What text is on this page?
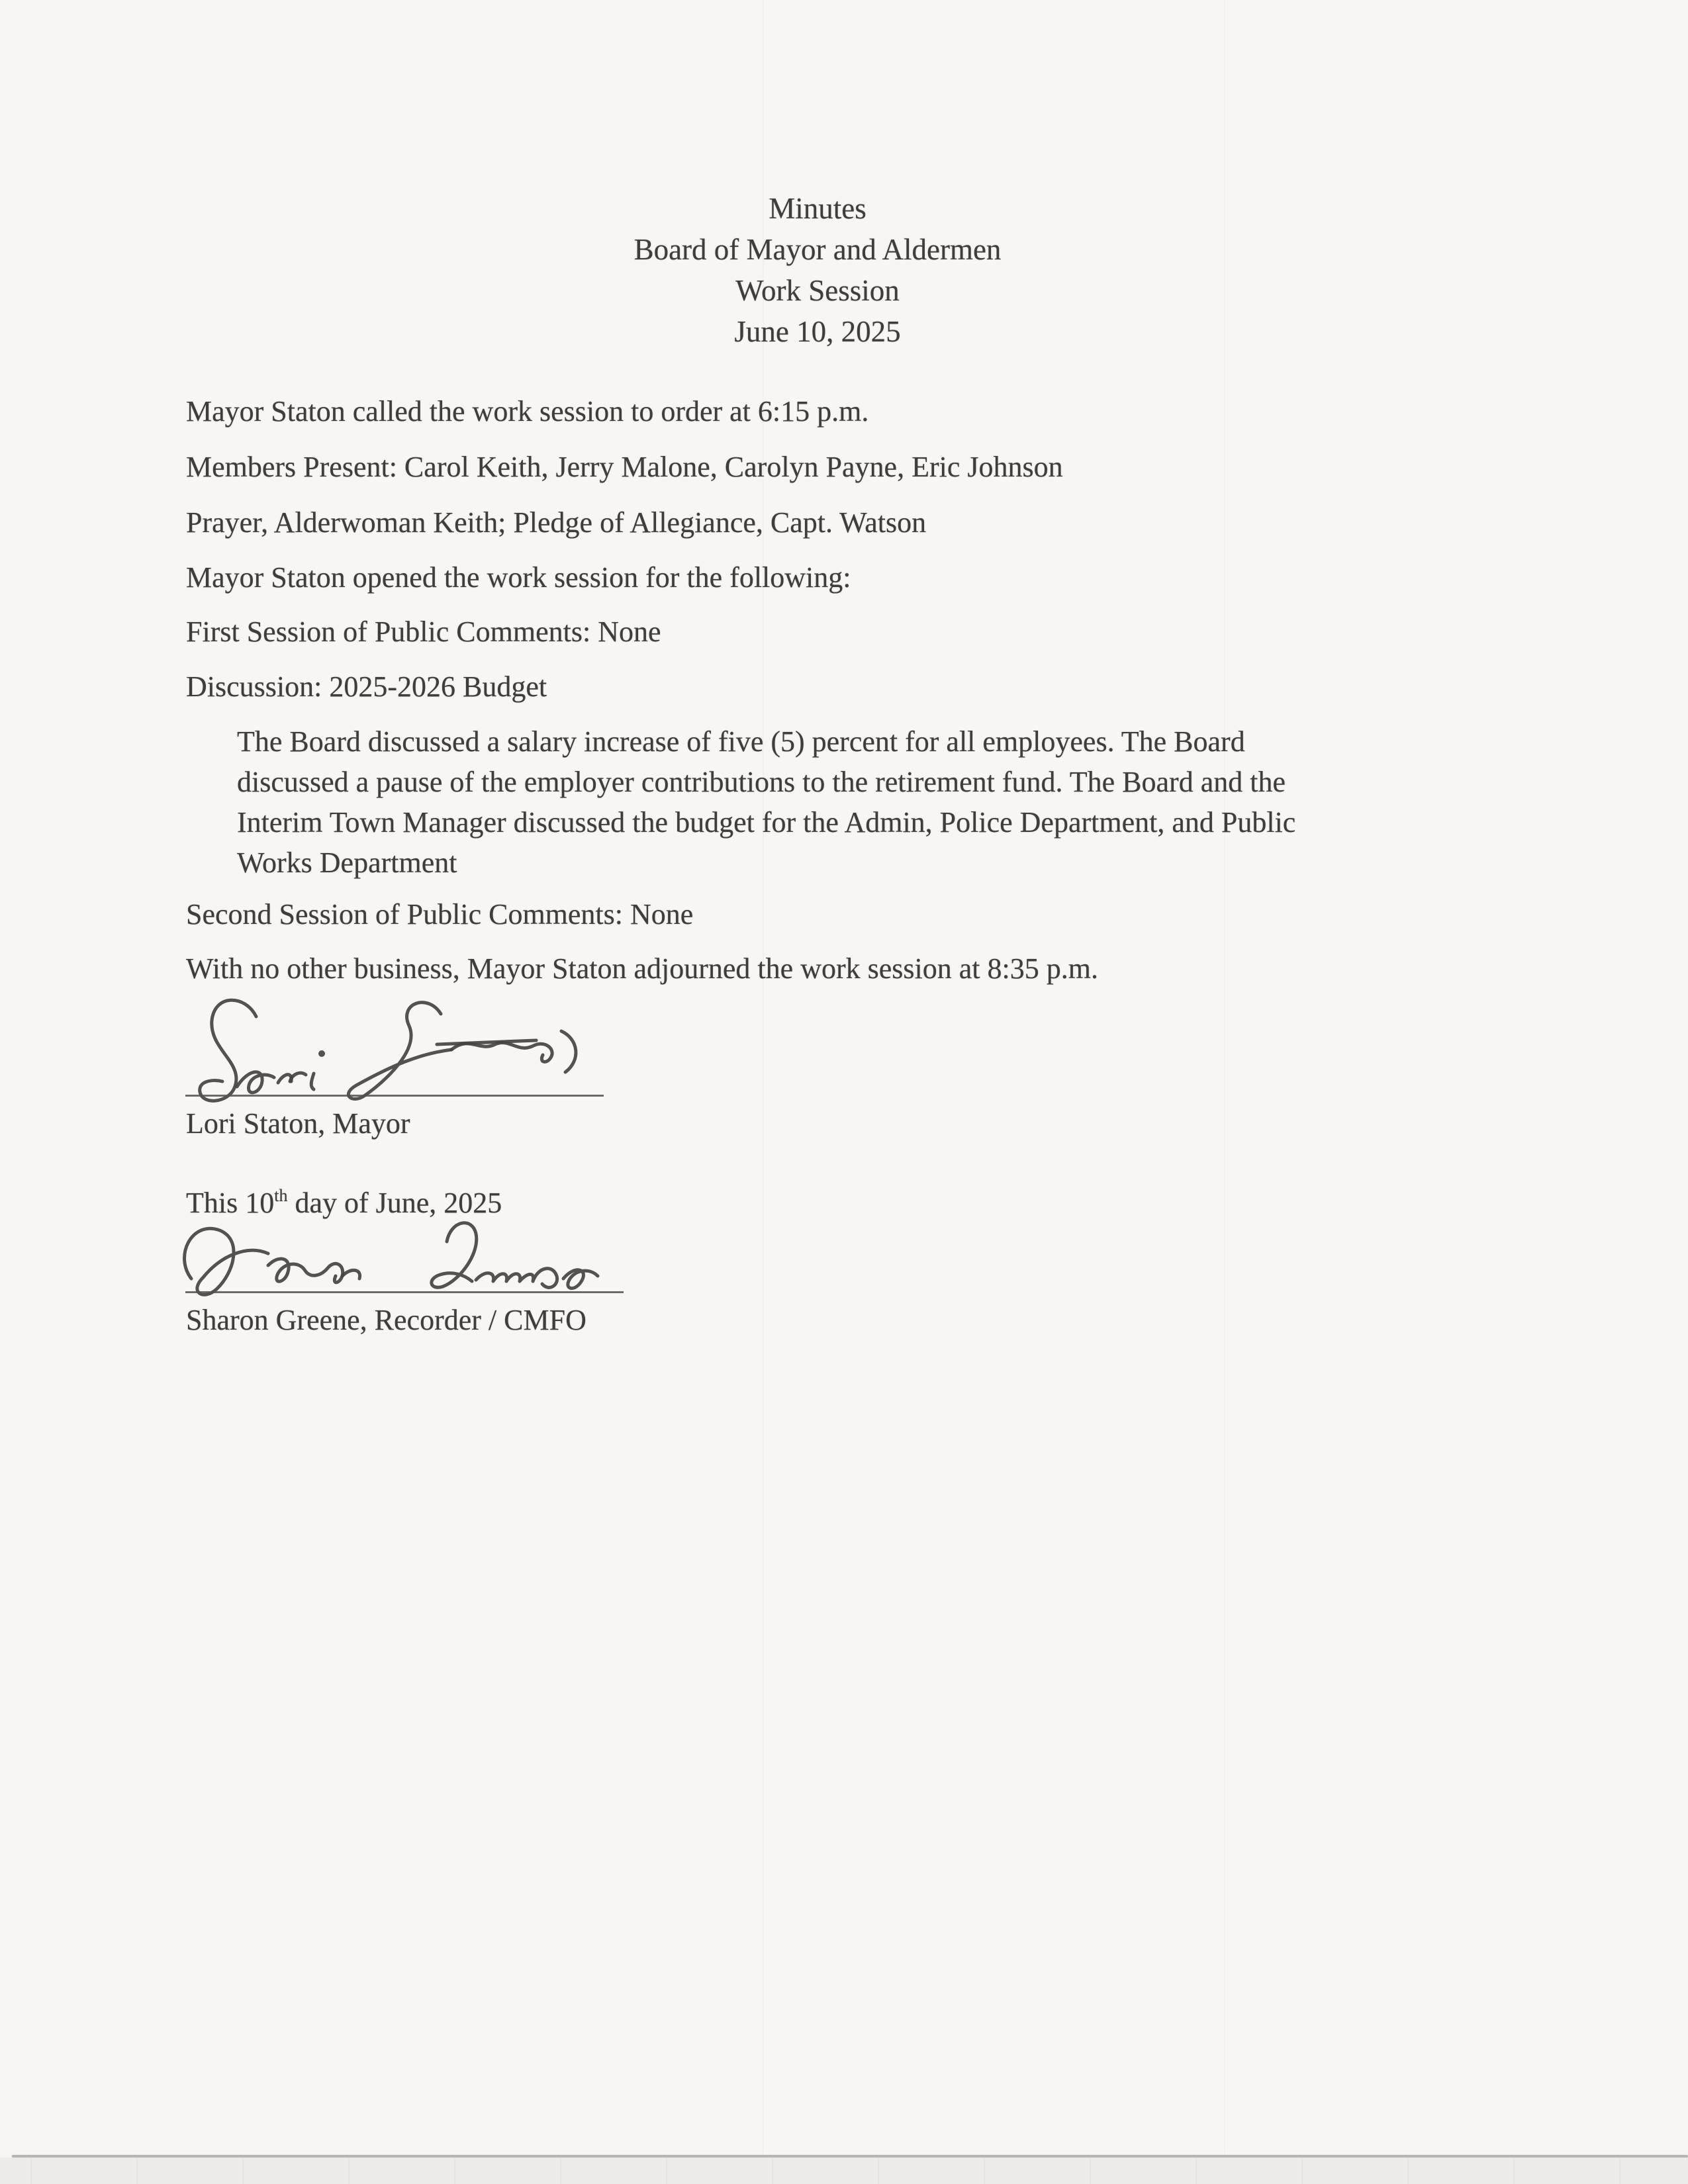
Minutes
Board of Mayor and Aldermen
Work Session
June 10, 2025
Mayor Staton called the work session to order at 6:15 p.m.
Members Present: Carol Keith, Jerry Malone, Carolyn Payne, Eric Johnson
Prayer, Alderwoman Keith; Pledge of Allegiance, Capt. Watson
Mayor Staton opened the work session for the following:
First Session of Public Comments: None
Discussion: 2025-2026 Budget
The Board discussed a salary increase of five (5) percent for all employees. The Board
discussed a pause of the employer contributions to the retirement fund. The Board and the
Interim Town Manager discussed the budget for the Admin, Police Department, and Public
Works Department
Second Session of Public Comments: None
With no other business, Mayor Staton adjourned the work session at 8:35 p.m.
Lori Staton, Mayor
This 10th day of June, 2025
Sharon Greene, Recorder / CMFO
